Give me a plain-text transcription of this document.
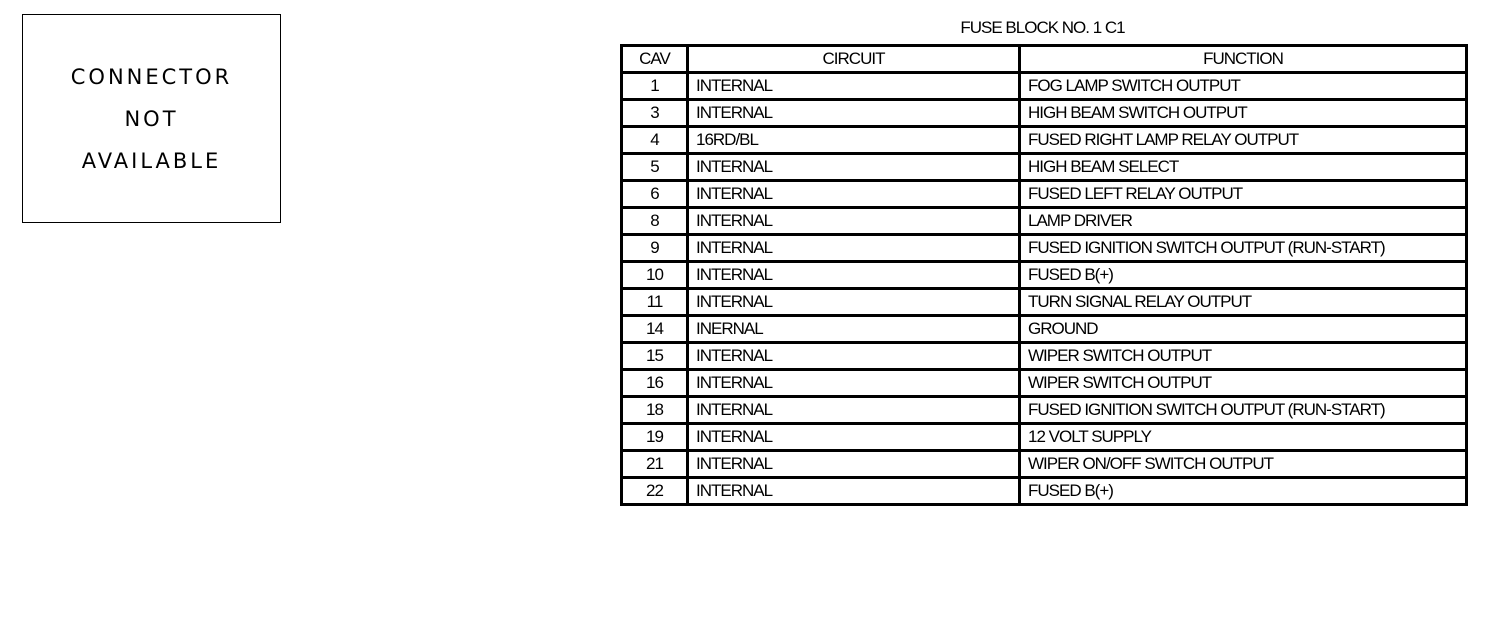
CONNECTOR
NOT
AVAILABLE
FUSE BLOCK NO. 1 C1
CAV	CIRCUIT	FUNCTION
1	INTERNAL	FOG LAMP SWITCH OUTPUT
3	INTERNAL	HIGH BEAM SWITCH OUTPUT
4	16RD/BL	FUSED RIGHT LAMP RELAY OUTPUT
5	INTERNAL	HIGH BEAM SELECT
6	INTERNAL	FUSED LEFT RELAY OUTPUT
8	INTERNAL	LAMP DRIVER
9	INTERNAL	FUSED IGNITION SWITCH OUTPUT (RUN-START)
10	INTERNAL	FUSED B(+)
11	INTERNAL	TURN SIGNAL RELAY OUTPUT
14	INERNAL	GROUND
15	INTERNAL	WIPER SWITCH OUTPUT
16	INTERNAL	WIPER SWITCH OUTPUT
18	INTERNAL	FUSED IGNITION SWITCH OUTPUT (RUN-START)
19	INTERNAL	12 VOLT SUPPLY
21	INTERNAL	WIPER ON/OFF SWITCH OUTPUT
22	INTERNAL	FUSED B(+)
